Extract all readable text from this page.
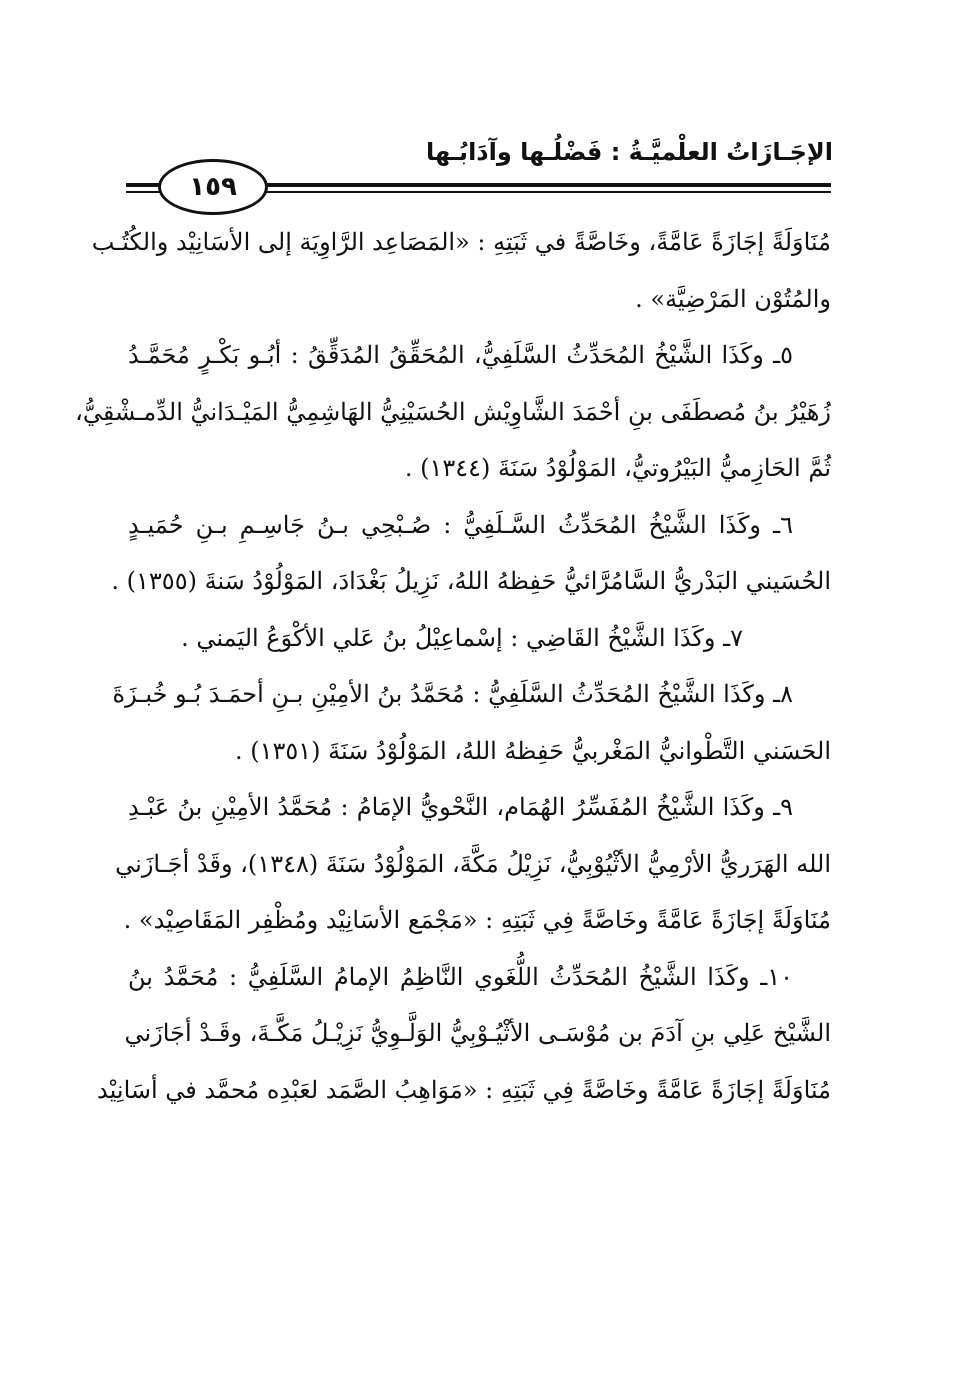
الإجَـازَاتُ العلْميَّـةُ : فَضْلُـها وآدَابُـها
١٥٩
مُنَاوَلَةً إجَازَةً عَامَّةً، وخَاصَّةً في ثَبَتِهِ : «المَصَاعِد الرَّاوِيَة إلى الأسَانِيْد والكُتُـب
والمُتُوْن المَرْضِيَّة» .
٥ـ وكَذَا الشَّيْخُ المُحَدِّثُ السَّلَفِيُّ، المُحَقِّقُ المُدَقِّقُ : أبُـو بَكْـرٍ مُحَمَّـدُ
زُهَيْرُ بنُ مُصطَفَى بنِ أحْمَدَ الشَّاوِيْش الحُسَيْنِيُّ الهَاشِمِيُّ المَيْـدَانيُّ الدِّمـشْقِيُّ،
ثُمَّ الحَازِميُّ البَيْرُوتيُّ، المَوْلُوْدُ سَنَةَ (١٣٤٤) .
٦ـ وكَذَا الشَّيْخُ المُحَدِّثُ السَّـلَفِيُّ : صُـبْحِي بـنُ جَاسِـمِ بـنِ حُمَيـدٍ
الحُسَيني البَدْريُّ السَّامُرَّائيُّ حَفِظهُ اللهُ، نَزِيلُ بَغْدَادَ، المَوْلُوْدُ سَنةَ (١٣٥٥) .
٧ـ وكَذَا الشَّيْخُ القَاضِي : إسْماعِيْلُ بنُ عَلي الأكْوَعُ اليَمني .
٨ـ وكَذَا الشَّيْخُ المُحَدِّثُ السَّلَفِيُّ : مُحَمَّدُ بنُ الأمِيْنِ بـنِ أحمَـدَ بُـو خُبـزَةَ
الحَسَني التَّطْوانيُّ المَغْربيُّ حَفِظهُ اللهُ، المَوْلُوْدُ سَنَةَ (١٣٥١) .
٩ـ وكَذَا الشَّيْخُ المُفَسِّرُ الهُمَام، النَّحْويُّ الإمَامُ : مُحَمَّدُ الأمِيْنِ بنُ عَبْـدِ
الله الهَرَريُّ الأرْمِيُّ الأثْيُوْبِيُّ، نَزِيْلُ مَكَّةَ، المَوْلُوْدُ سَنَةَ (١٣٤٨)، وقَدْ أجَـازَني
مُنَاوَلَةً إجَازَةً عَامَّةً وخَاصَّةً فِي ثَبَتِهِ : «مَجْمَع الأسَانِيْد ومُظْفِر المَقَاصِيْد» .
١٠ـ وكَذَا الشَّيْخُ المُحَدِّثُ اللُّغَوي النَّاظِمُ الإمامُ السَّلَفِيُّ : مُحَمَّدُ بنُ
الشَّيْخ عَلِي بنِ آدَمَ بن مُوْسَـى الأثْيُـوْبِيُّ الوَلَّـوِيُّ نَزِيْـلُ مَكَّـةَ، وقَـدْ أجَازَني
مُنَاوَلَةً إجَازَةً عَامَّةً وخَاصَّةً فِي ثَبَتِهِ : «مَوَاهِبُ الصَّمَد لعَبْدِه مُحمَّد في أسَانِيْد
